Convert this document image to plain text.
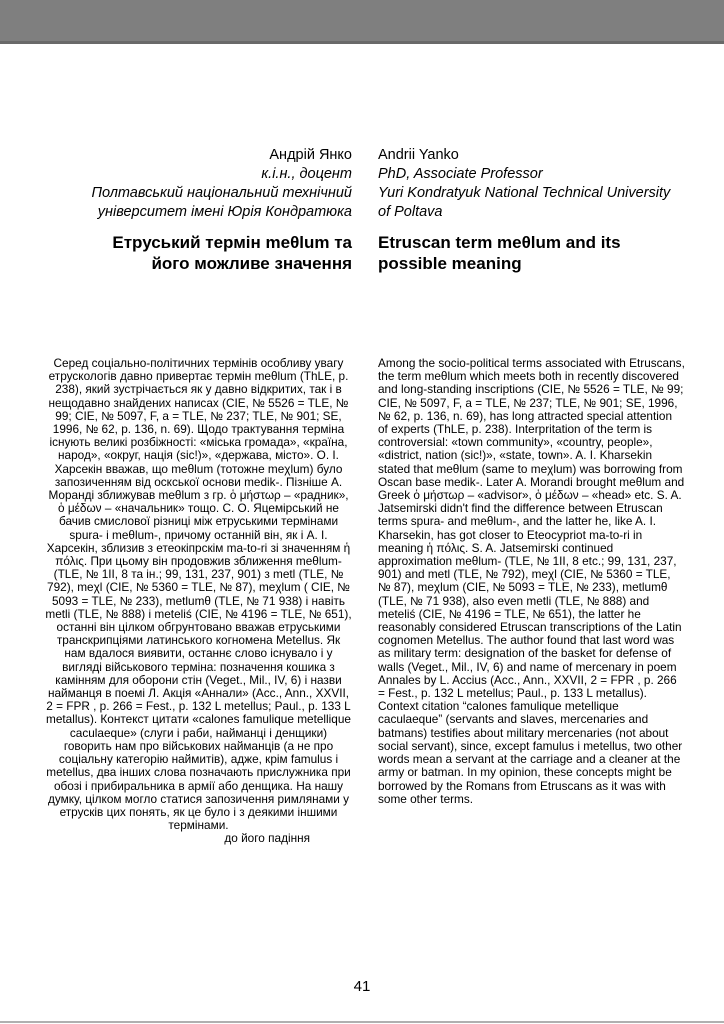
Андрій Янко
к.і.н., доцент
Полтавський національний технічний університет імені Юрія Кондратюка
Andrii Yanko
PhD, Associate Professor
Yuri Kondratyuk National Technical University of Poltava
Етруський термін meθlum та
його можливе значення
Etruscan term meθlum and its
possible meaning

Серед соціально-політичних термінів особливу увагу етрускологів давно привертає термін meθlum (ThLE, p. 238), який зустрічається як у давно відкритих, так і в нещодавно знайдених написах (CIE, № 5526 = TLE, № 99; CIE, № 5097, F, a = TLE, № 237; TLE, № 901; SE, 1996, № 62, p. 136, n. 69). Щодо трактування терміна існують великі розбіжності: «міська громада», «країна, народ», «округ, нація (sic!)», «держава, місто». О. І. Харсекін вважав, що meθlum (тотожне meχlum) було запозиченням від оскської основи medik-. Пізніше А. Моранді зближував meθlum з гр. ὁ μήστωρ – «радник», ὁ μέδων – «начальник» тощо. С. О. Яцемірський не бачив смислової різниці між етруськими термінами spura- і meθlum-, причому останній він, як і А. І. Харсекін, зблизив з етеокіпрскім ma-to-ri зі значенням ἡ πόλις. При цьому він продовжив зближення meθlum- (TLE, № 1II, 8 та ін.; 99, 131, 237, 901) з metl (TLE, № 792), meχl (CIE, № 5360 = TLE, № 87), meχlum ( CIE, № 5093 = TLE, № 233), metlumθ (TLE, № 71 938) і навіть metli (TLE, № 888) і meteliś (CIE, № 4196 = TLE, № 651), останні він цілком обгрунтовано вважав етруськими транскрипціями латинського когномена Metellus. Як нам вдалося виявити, останнє слово існувало і у вигляді військового терміна: позначення кошика з камінням для оборони стін (Veget., Mil., IV, 6) і назви найманця в поемі Л. Акція «Аннали» (Acc., Ann., XXVII, 2 = FPR , p. 266 = Fest., p. 132 L metellus; Paul., p. 133 L metallus). Контекст цитати «calones famulique metellique caculaeque» (слуги і раби, найманці і денщики) говорить нам про військових найманців (а не про соціальну категорію наймитів), адже, крім famulus і metellus, два інших слова позначають прислужника при обозі і прибиральника в армії або денщика. На нашу думку, цілком могло статися запозичення римлянами у етрусків цих понять, як це було і з деякими іншими термінами.

до його падіння

Among the socio-political terms associated with Etruscans, the term meθlum which meets both in recently discovered and long-standing inscriptions (CIE, № 5526 = TLE, № 99; CIE, № 5097, F, a = TLE, № 237; TLE, № 901; SE, 1996, № 62, p. 136, n. 69), has long attracted special attention of experts (ThLE, p. 238). Interpritation of the term is controversial: «town community», «country, people», «district, nation (sic!)», «state, town». A. I. Kharsekin stated that meθlum (same to meχlum) was borrowing from Oscan base medik-. Later A. Morandi brought meθlum and Greek ὁ μήστωρ – «advisor», ὁ μέδων – «head» etc. S. A. Jatsemirski didn't find the difference between Etruscan terms spura- and meθlum-, and the latter he, like A. I. Kharsekin, has got closer to Eteocypriot ma-to-ri in meaning ἡ πόλις. S. A. Jatsemirski continued approximation meθlum- (TLE, № 1II, 8 etc.; 99, 131, 237, 901) and metl (TLE, № 792), meχl (CIE, № 5360 = TLE, № 87), meχlum (CIE, № 5093 = TLE, № 233), metlumθ (TLE, № 71 938), also even metli (TLE, № 888) and meteliś (CIE, № 4196 = TLE, № 651), the latter he reasonably considered Etruscan transcriptions of the Latin cognomen Metellus. The author found that last word was as military term: designation of the basket for defense of walls (Veget., Mil., IV, 6) and name of mercenary in poem Annales by L. Accius (Acc., Ann., XXVII, 2 = FPR , p. 266 = Fest., p. 132 L metellus; Paul., p. 133 L metallus). Context citation “calones famulique metellique caculaeque” (servants and slaves, mercenaries and batmans) testifies about military mercenaries (not about social servant), since, except famulus i metellus, two other words mean a servant at the carriage and a cleaner at the army or batman. In my opinion, these concepts might be borrowed by the Romans from Etruscans as it was with some other terms.

41
